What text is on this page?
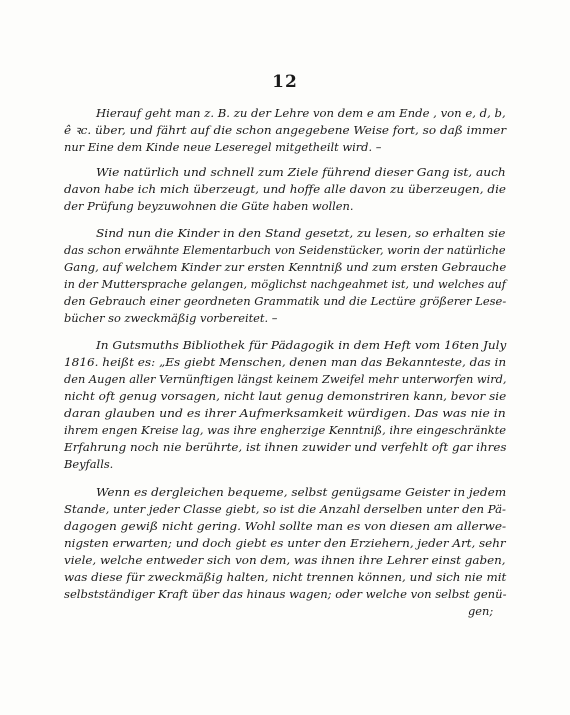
12
Hierauf geht man z. B. zu der Lehre von dem e am Ende , von e, d, b,
ê ꝛc. über, und fährt auf die schon angegebene Weise fort, so daß immer
nur Eine dem Kinde neue Leseregel mitgetheilt wird. –
Wie natürlich und schnell zum Ziele führend dieser Gang ist, auch
davon habe ich mich überzeugt, und hoffe alle davon zu überzeugen, die
der Prüfung beyzuwohnen die Güte haben wollen.
Sind nun die Kinder in den Stand gesetzt, zu lesen, so erhalten sie
das schon erwähnte Elementarbuch von Seidenstücker, worin der natürliche
Gang, auf welchem Kinder zur ersten Kenntniß und zum ersten Gebrauche
in der Muttersprache gelangen, möglichst nachgeahmet ist, und welches auf
den Gebrauch einer geordneten Grammatik und die Lectüre größerer Lese-
bücher so zweckmäßig vorbereitet. –
In Gutsmuths Bibliothek für Pädagogik in dem Heft vom 16ten July
1816. heißt es: „Es giebt Menschen, denen man das Bekannteste, das in
den Augen aller Vernünftigen längst keinem Zweifel mehr unterworfen wird,
nicht oft genug vorsagen, nicht laut genug demonstriren kann, bevor sie
daran glauben und es ihrer Aufmerksamkeit würdigen. Das was nie in
ihrem engen Kreise lag, was ihre engherzige Kenntniß, ihre eingeschränkte
Erfahrung noch nie berührte, ist ihnen zuwider und verfehlt oft gar ihres
Beyfalls.
Wenn es dergleichen bequeme, selbst genügsame Geister in jedem
Stande, unter jeder Classe giebt, so ist die Anzahl derselben unter den Pä-
dagogen gewiß nicht gering. Wohl sollte man es von diesen am allerwe-
nigsten erwarten; und doch giebt es unter den Erziehern, jeder Art, sehr
viele, welche entweder sich von dem, was ihnen ihre Lehrer einst gaben,
was diese für zweckmäßig halten, nicht trennen können, und sich nie mit
selbstständiger Kraft über das hinaus wagen; oder welche von selbst genü-
gen;
